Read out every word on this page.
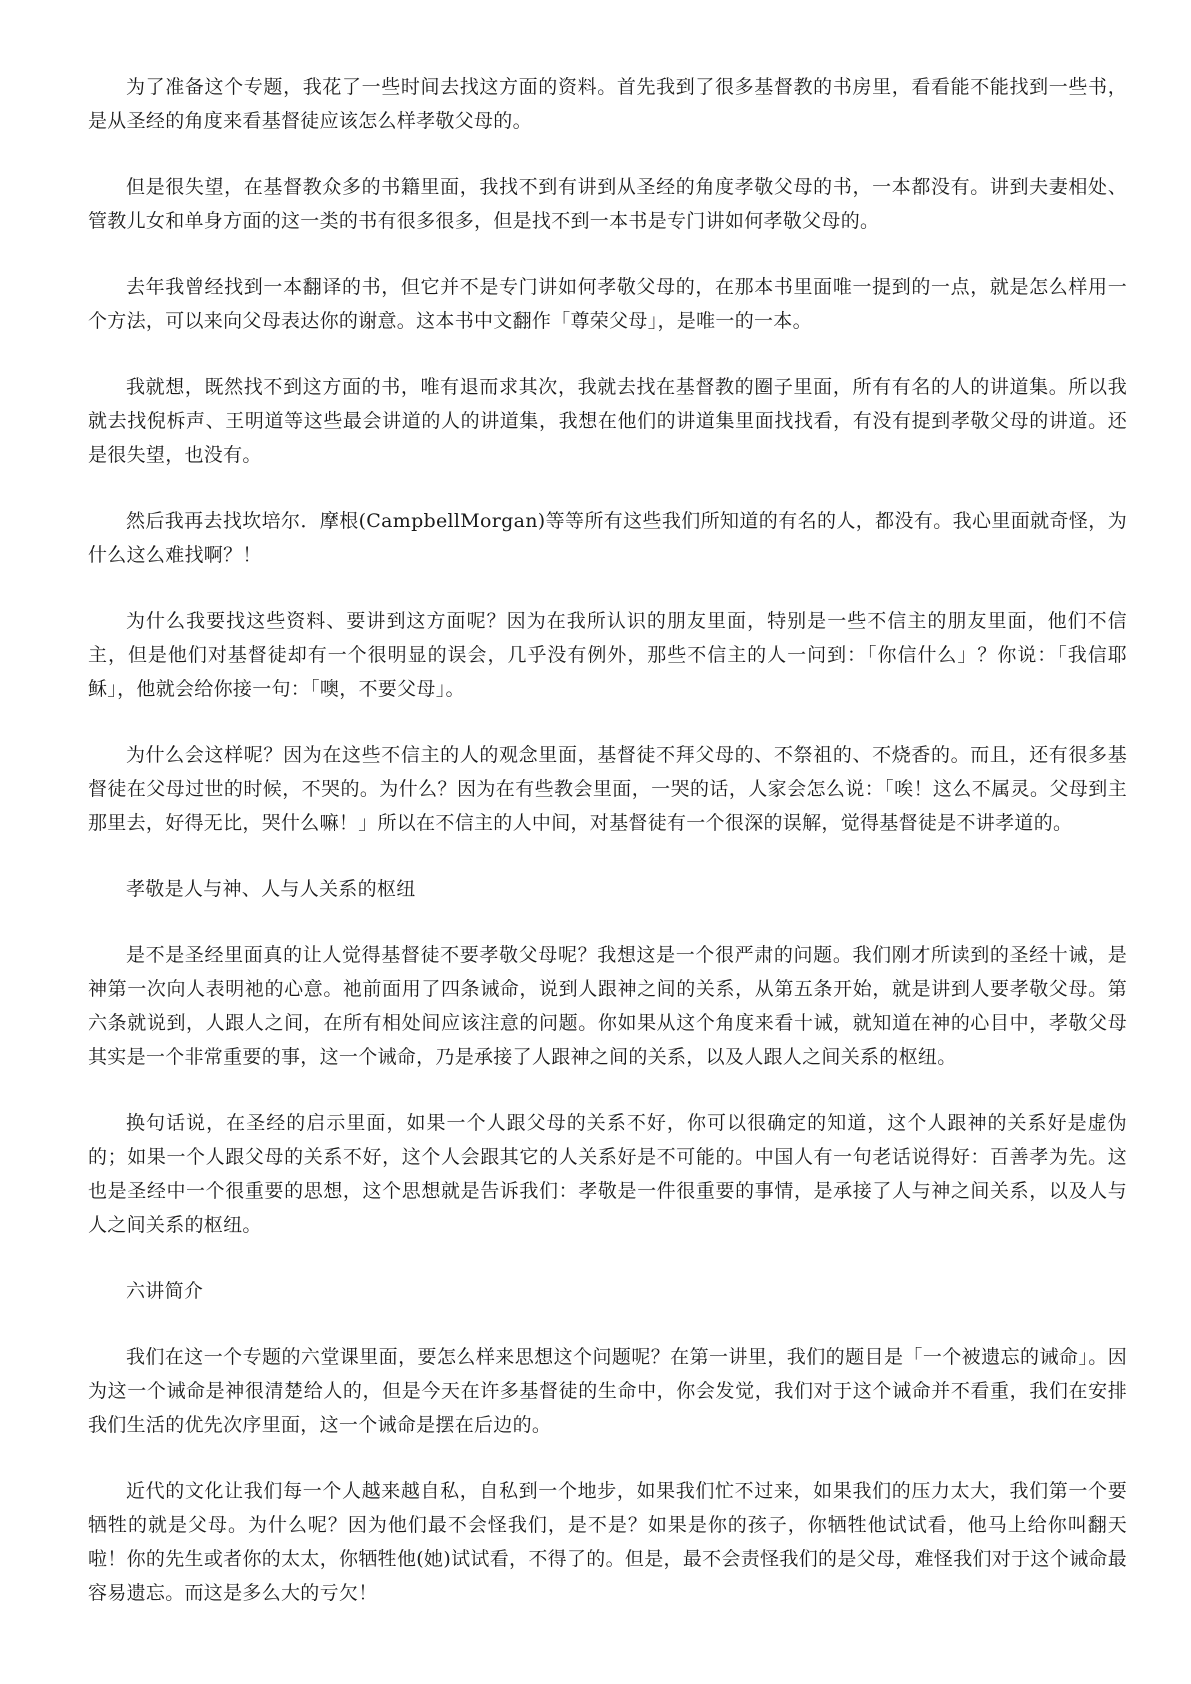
为了准备这个专题，我花了一些时间去找这方面的资料。首先我到了很多基督教的书房里，看看能不能找到一些书，是从圣经的角度来看基督徒应该怎么样孝敬父母的。

但是很失望，在基督教众多的书籍里面，我找不到有讲到从圣经的角度孝敬父母的书，一本都没有。讲到夫妻相处、管教儿女和单身方面的这一类的书有很多很多，但是找不到一本书是专门讲如何孝敬父母的。

去年我曾经找到一本翻译的书，但它并不是专门讲如何孝敬父母的，在那本书里面唯一提到的一点，就是怎么样用一个方法，可以来向父母表达你的谢意。这本书中文翻作「尊荣父母」，是唯一的一本。

我就想，既然找不到这方面的书，唯有退而求其次，我就去找在基督教的圈子里面，所有有名的人的讲道集。所以我就去找倪柝声、王明道等这些最会讲道的人的讲道集，我想在他们的讲道集里面找找看，有没有提到孝敬父母的讲道。还是很失望，也没有。

然后我再去找坎培尔．摩根(CampbellMorgan)等等所有这些我们所知道的有名的人，都没有。我心里面就奇怪，为什么这么难找啊？！

为什么我要找这些资料、要讲到这方面呢？因为在我所认识的朋友里面，特别是一些不信主的朋友里面，他们不信主，但是他们对基督徒却有一个很明显的误会，几乎没有例外，那些不信主的人一问到：「你信什么」？你说：「我信耶稣」，他就会给你接一句：「噢，不要父母」。

为什么会这样呢？因为在这些不信主的人的观念里面，基督徒不拜父母的、不祭祖的、不烧香的。而且，还有很多基督徒在父母过世的时候，不哭的。为什么？因为在有些教会里面，一哭的话，人家会怎么说：「唉！这么不属灵。父母到主那里去，好得无比，哭什么嘛！」所以在不信主的人中间，对基督徒有一个很深的误解，觉得基督徒是不讲孝道的。

孝敬是人与神、人与人关系的枢纽

是不是圣经里面真的让人觉得基督徒不要孝敬父母呢？我想这是一个很严肃的问题。我们刚才所读到的圣经十诫，是神第一次向人表明祂的心意。祂前面用了四条诫命，说到人跟神之间的关系，从第五条开始，就是讲到人要孝敬父母。第六条就说到，人跟人之间，在所有相处间应该注意的问题。你如果从这个角度来看十诫，就知道在神的心目中，孝敬父母其实是一个非常重要的事，这一个诫命，乃是承接了人跟神之间的关系，以及人跟人之间关系的枢纽。

换句话说，在圣经的启示里面，如果一个人跟父母的关系不好，你可以很确定的知道，这个人跟神的关系好是虚伪的；如果一个人跟父母的关系不好，这个人会跟其它的人关系好是不可能的。中国人有一句老话说得好：百善孝为先。这也是圣经中一个很重要的思想，这个思想就是告诉我们：孝敬是一件很重要的事情，是承接了人与神之间关系，以及人与人之间关系的枢纽。

六讲简介

我们在这一个专题的六堂课里面，要怎么样来思想这个问题呢？在第一讲里，我们的题目是「一个被遗忘的诫命」。因为这一个诫命是神很清楚给人的，但是今天在许多基督徒的生命中，你会发觉，我们对于这个诫命并不看重，我们在安排我们生活的优先次序里面，这一个诫命是摆在后边的。

近代的文化让我们每一个人越来越自私，自私到一个地步，如果我们忙不过来，如果我们的压力太大，我们第一个要牺牲的就是父母。为什么呢？因为他们最不会怪我们，是不是？如果是你的孩子，你牺牲他试试看，他马上给你叫翻天啦！你的先生或者你的太太，你牺牲他(她)试试看，不得了的。但是，最不会责怪我们的是父母，难怪我们对于这个诫命最容易遗忘。而这是多么大的亏欠！
